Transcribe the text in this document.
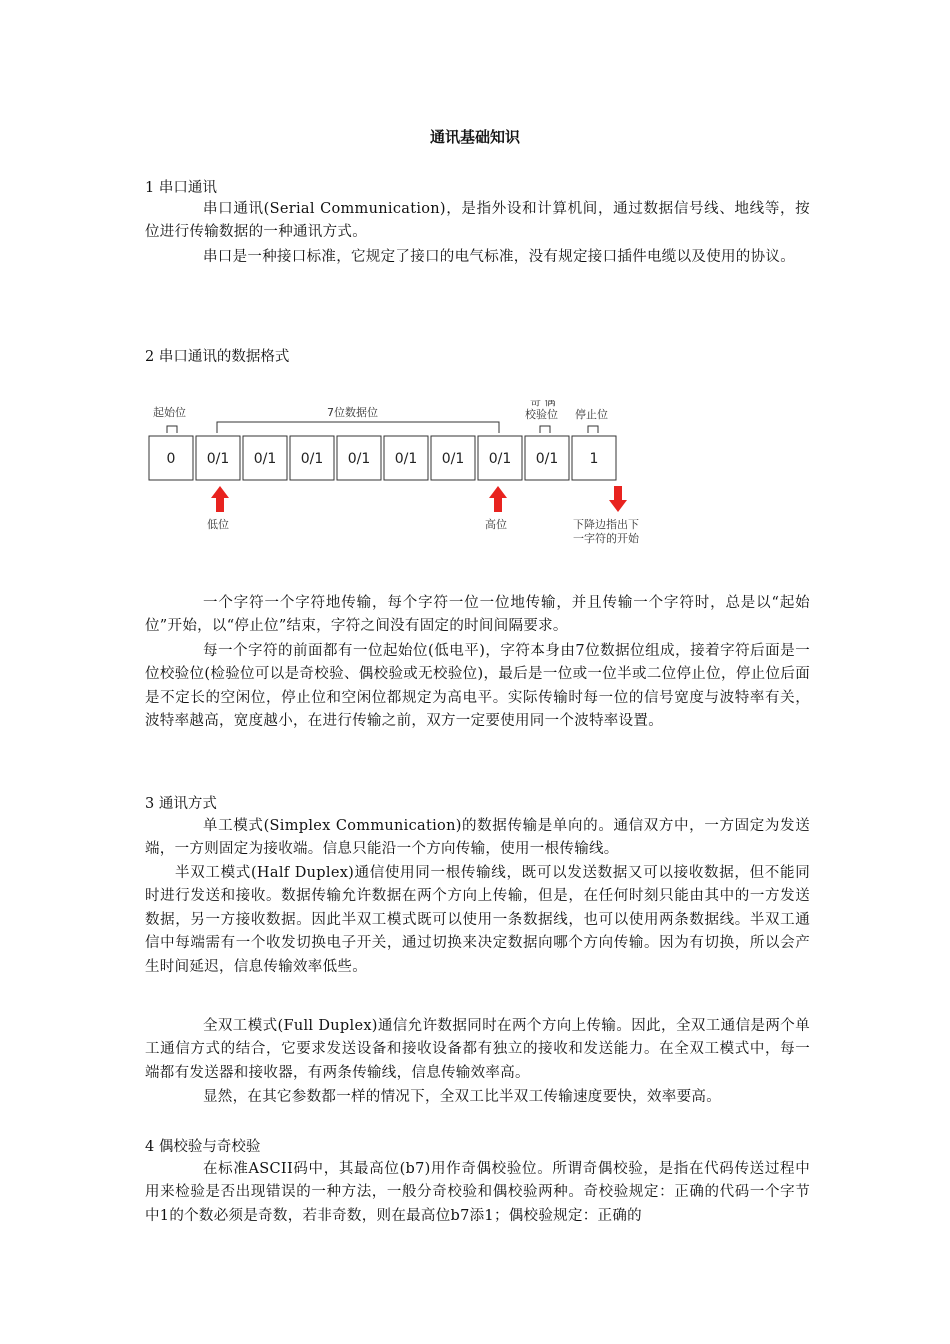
通讯基础知识
1 串口通讯
串口通讯(Serial Communication)，是指外设和计算机间，通过数据信号线、地线等，按位进行传输数据的一种通讯方式。
串口是一种接口标准，它规定了接口的电气标准，没有规定接口插件电缆以及使用的协议。
2 串口通讯的数据格式
起始位	7位数据位
奇 偶
校验位 停止位
0 0/1 0/1 0/1 0/1 0/1 0/1 0/1 0/1 1
低位	高位	下降边指出下
一字符的开始
一个字符一个字符地传输，每个字符一位一位地传输，并且传输一个字符时，总是以“起始位”开始，以“停止位”结束，字符之间没有固定的时间间隔要求。
每一个字符的前面都有一位起始位(低电平)，字符本身由7位数据位组成，接着字符后面是一位校验位(检验位可以是奇校验、偶校验或无校验位)，最后是一位或一位半或二位停止位，停止位后面是不定长的空闲位，停止位和空闲位都规定为高电平。实际传输时每一位的信号宽度与波特率有关，波特率越高，宽度越小，在进行传输之前，双方一定要使用同一个波特率设置。
3 通讯方式
单工模式(Simplex Communication)的数据传输是单向的。通信双方中，一方固定为发送端，一方则固定为接收端。信息只能沿一个方向传输，使用一根传输线。
半双工模式(Half Duplex)通信使用同一根传输线，既可以发送数据又可以接收数据，但不能同时进行发送和接收。数据传输允许数据在两个方向上传输，但是，在任何时刻只能由其中的一方发送数据，另一方接收数据。因此半双工模式既可以使用一条数据线，也可以使用两条数据线。半双工通信中每端需有一个收发切换电子开关，通过切换来决定数据向哪个方向传输。因为有切换，所以会产生时间延迟，信息传输效率低些。
全双工模式(Full Duplex)通信允许数据同时在两个方向上传输。因此，全双工通信是两个单工通信方式的结合，它要求发送设备和接收设备都有独立的接收和发送能力。在全双工模式中，每一端都有发送器和接收器，有两条传输线，信息传输效率高。
显然，在其它参数都一样的情况下，全双工比半双工传输速度要快，效率要高。
4 偶校验与奇校验
在标准ASCII码中，其最高位(b7)用作奇偶校验位。所谓奇偶校验，是指在代码传送过程中用来检验是否出现错误的一种方法，一般分奇校验和偶校验两种。奇校验规定：正确的代码一个字节中1的个数必须是奇数，若非奇数，则在最高位b7添1；偶校验规定：正确的
